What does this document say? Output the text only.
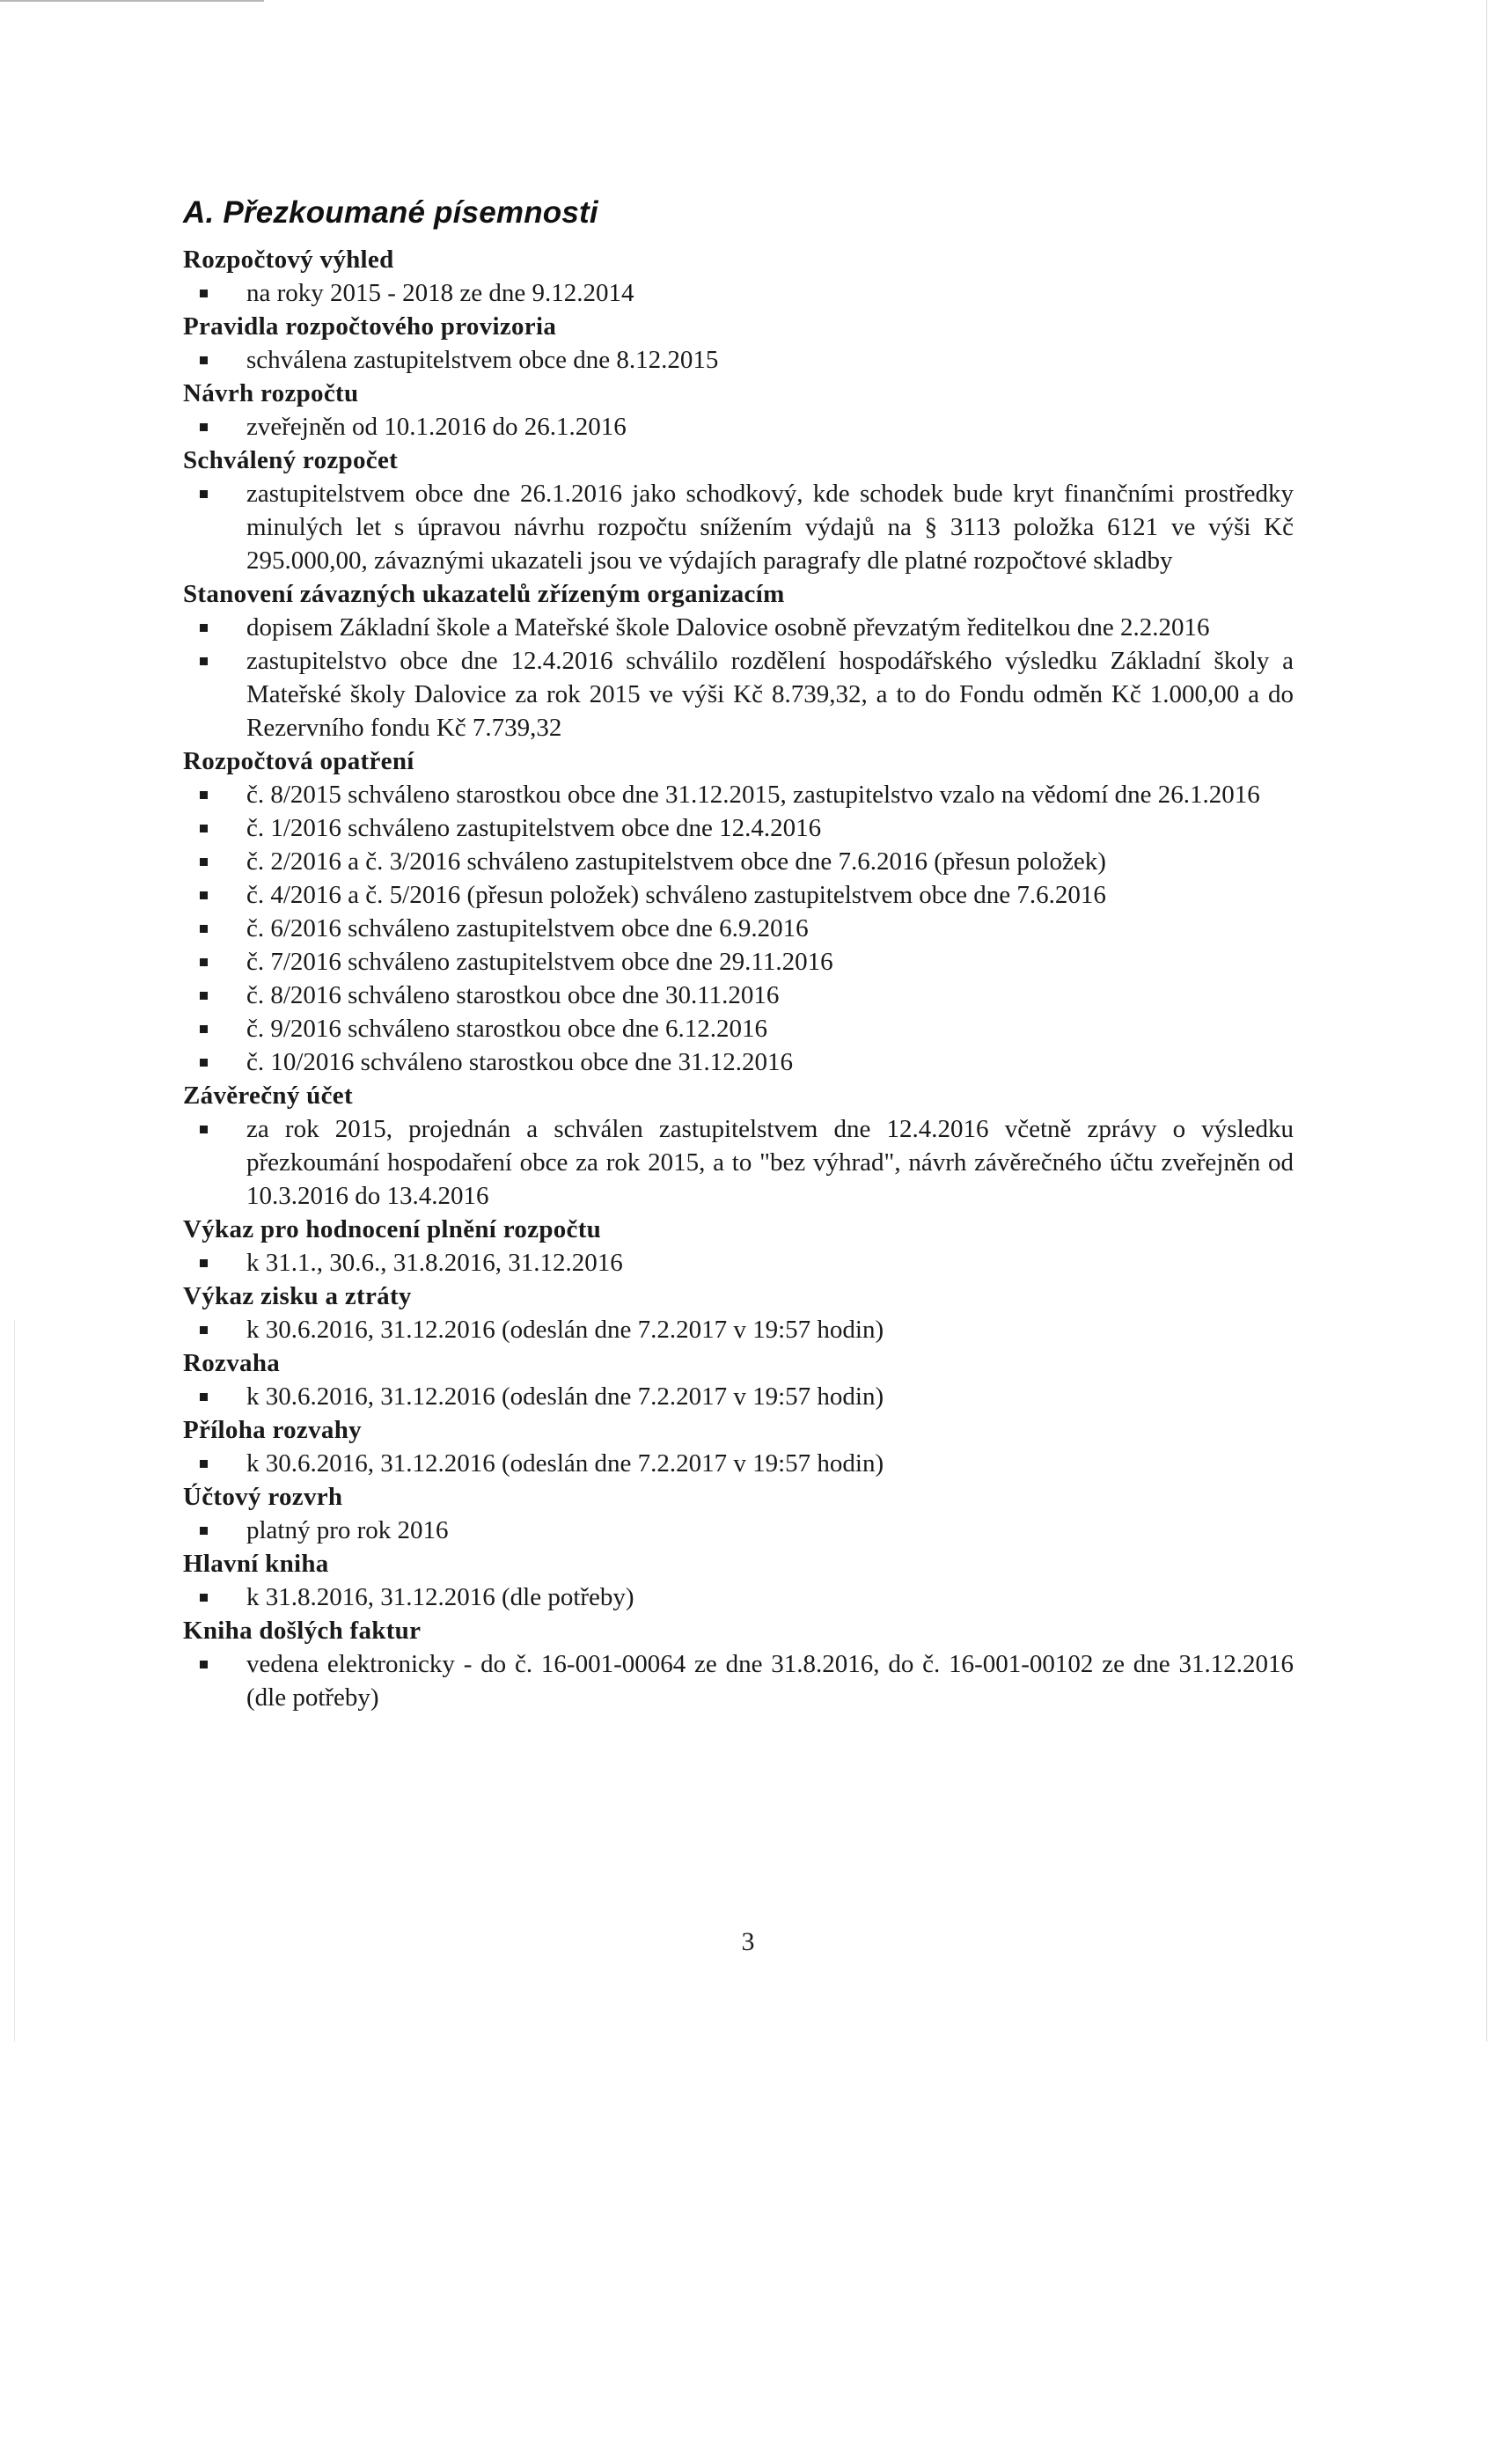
A. Přezkoumané písemnosti
Rozpočtový výhled
na roky 2015 - 2018 ze dne 9.12.2014
Pravidla rozpočtového provizoria
schválena zastupitelstvem obce dne 8.12.2015
Návrh rozpočtu
zveřejněn od 10.1.2016 do 26.1.2016
Schválený rozpočet
zastupitelstvem obce dne 26.1.2016 jako schodkový, kde schodek bude kryt finančními prostředky minulých let s úpravou návrhu rozpočtu snížením výdajů na § 3113 položka 6121 ve výši Kč 295.000,00, závaznými ukazateli jsou ve výdajích paragrafy dle platné rozpočtové skladby
Stanovení závazných ukazatelů zřízeným organizacím
dopisem Základní škole a Mateřské škole Dalovice osobně převzatým ředitelkou dne 2.2.2016
zastupitelstvo obce dne 12.4.2016 schválilo rozdělení hospodářského výsledku Základní školy a Mateřské školy Dalovice za rok 2015 ve výši Kč 8.739,32, a to do Fondu odměn Kč 1.000,00 a do Rezervního fondu Kč 7.739,32
Rozpočtová opatření
č. 8/2015 schváleno starostkou obce dne 31.12.2015, zastupitelstvo vzalo na vědomí dne 26.1.2016
č. 1/2016 schváleno zastupitelstvem obce dne 12.4.2016
č. 2/2016 a č. 3/2016 schváleno zastupitelstvem obce dne 7.6.2016 (přesun položek)
č. 4/2016 a č. 5/2016 (přesun položek) schváleno zastupitelstvem obce dne 7.6.2016
č. 6/2016 schváleno zastupitelstvem obce dne 6.9.2016
č. 7/2016 schváleno zastupitelstvem obce dne 29.11.2016
č. 8/2016 schváleno starostkou obce dne 30.11.2016
č. 9/2016 schváleno starostkou obce dne 6.12.2016
č. 10/2016 schváleno starostkou obce dne 31.12.2016
Závěrečný účet
za rok 2015, projednán a schválen zastupitelstvem dne 12.4.2016 včetně zprávy o výsledku přezkoumání hospodaření obce za rok 2015, a to "bez výhrad", návrh závěrečného účtu zveřejněn od 10.3.2016 do 13.4.2016
Výkaz pro hodnocení plnění rozpočtu
k 31.1., 30.6., 31.8.2016, 31.12.2016
Výkaz zisku a ztráty
k 30.6.2016, 31.12.2016 (odeslán dne 7.2.2017 v 19:57 hodin)
Rozvaha
k 30.6.2016, 31.12.2016 (odeslán dne 7.2.2017 v 19:57 hodin)
Příloha rozvahy
k 30.6.2016, 31.12.2016 (odeslán dne 7.2.2017 v 19:57 hodin)
Účtový rozvrh
platný pro rok 2016
Hlavní kniha
k 31.8.2016, 31.12.2016 (dle potřeby)
Kniha došlých faktur
vedena elektronicky - do č. 16-001-00064 ze dne 31.8.2016, do č. 16-001-00102 ze dne 31.12.2016 (dle potřeby)
3
